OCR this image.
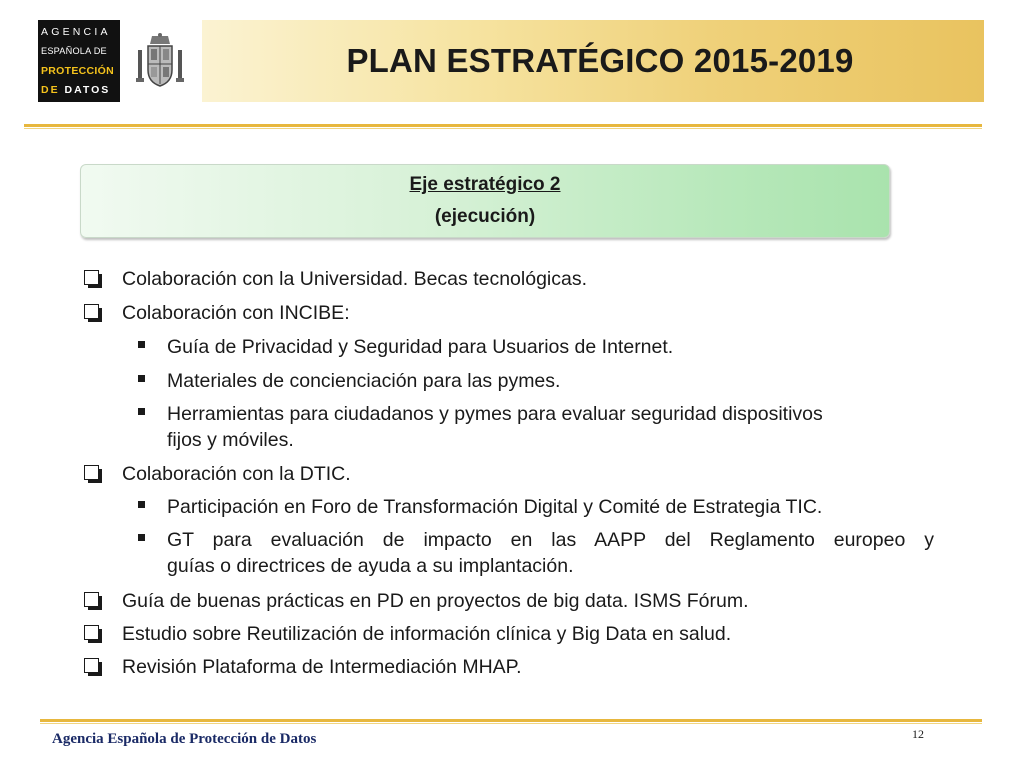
AGENCIA
ESPAÑOLA DE
PROTECCIÓN
DE DATOS
PLAN ESTRATÉGICO 2015-2019
Eje estratégico 2
(ejecución)
Colaboración con la Universidad. Becas tecnológicas.
Colaboración con INCIBE:
Guía de Privacidad y Seguridad para Usuarios de Internet.
Materiales de concienciación para las pymes.
Herramientas para ciudadanos y pymes para evaluar seguridad dispositivos
fijos y móviles.
Colaboración con la DTIC.
Participación en Foro de Transformación Digital y Comité de Estrategia TIC.
GT para evaluación de impacto en las AAPP del Reglamento europeo y
guías o directrices de ayuda a su implantación.
Guía de buenas prácticas en PD en proyectos de big data. ISMS Fórum.
Estudio sobre Reutilización de información clínica y Big Data en salud.
Revisión Plataforma de Intermediación MHAP.
Agencia Española de Protección de Datos	12
